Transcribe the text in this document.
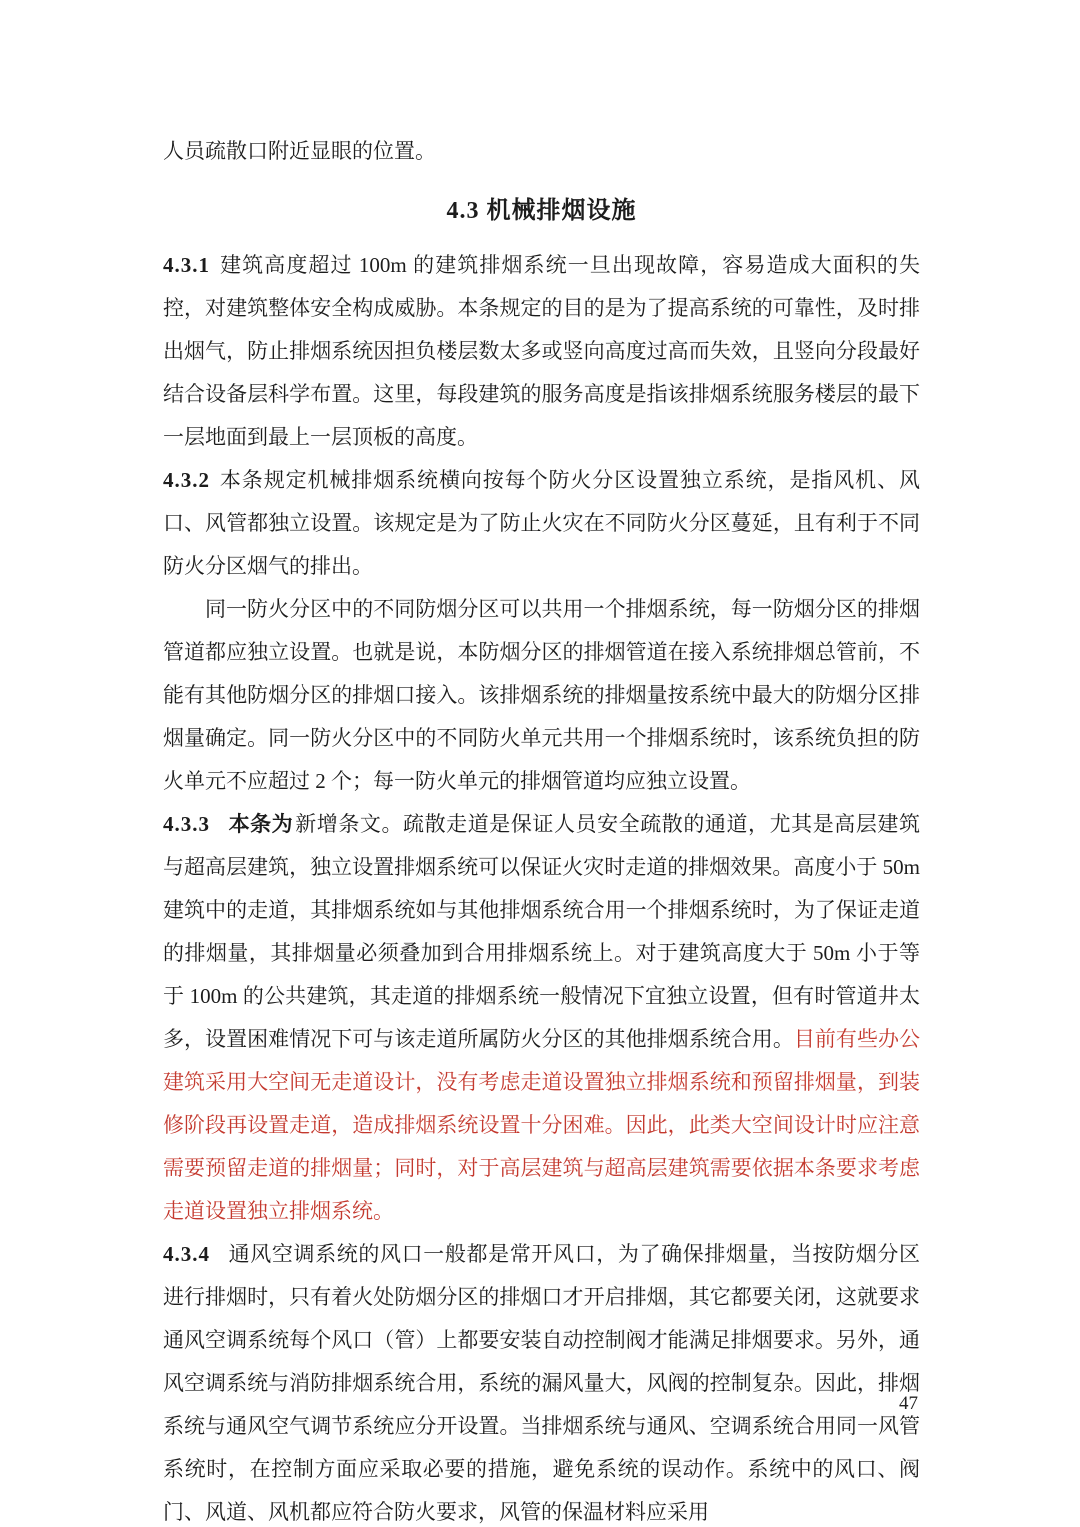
人员疏散口附近显眼的位置。

4.3 机械排烟设施

4.3.1 建筑高度超过 100m 的建筑排烟系统一旦出现故障，容易造成大面积的失控，对建筑整体安全构成威胁。本条规定的目的是为了提高系统的可靠性，及时排出烟气，防止排烟系统因担负楼层数太多或竖向高度过高而失效，且竖向分段最好结合设备层科学布置。这里，每段建筑的服务高度是指该排烟系统服务楼层的最下一层地面到最上一层顶板的高度。

4.3.2 本条规定机械排烟系统横向按每个防火分区设置独立系统，是指风机、风口、风管都独立设置。该规定是为了防止火灾在不同防火分区蔓延，且有利于不同防火分区烟气的排出。

同一防火分区中的不同防烟分区可以共用一个排烟系统，每一防烟分区的排烟管道都应独立设置。也就是说，本防烟分区的排烟管道在接入系统排烟总管前，不能有其他防烟分区的排烟口接入。该排烟系统的排烟量按系统中最大的防烟分区排烟量确定。同一防火分区中的不同防火单元共用一个排烟系统时，该系统负担的防火单元不应超过 2 个；每一防火单元的排烟管道均应独立设置。

4.3.3 本条为新增条文。疏散走道是保证人员安全疏散的通道，尤其是高层建筑与超高层建筑，独立设置排烟系统可以保证火灾时走道的排烟效果。高度小于 50m 建筑中的走道，其排烟系统如与其他排烟系统合用一个排烟系统时，为了保证走道的排烟量，其排烟量必须叠加到合用排烟系统上。对于建筑高度大于 50m 小于等于 100m 的公共建筑，其走道的排烟系统一般情况下宜独立设置，但有时管道井太多，设置困难情况下可与该走道所属防火分区的其他排烟系统合用。目前有些办公建筑采用大空间无走道设计，没有考虑走道设置独立排烟系统和预留排烟量，到装修阶段再设置走道，造成排烟系统设置十分困难。因此，此类大空间设计时应注意需要预留走道的排烟量；同时，对于高层建筑与超高层建筑需要依据本条要求考虑走道设置独立排烟系统。

4.3.4 通风空调系统的风口一般都是常开风口，为了确保排烟量，当按防烟分区进行排烟时，只有着火处防烟分区的排烟口才开启排烟，其它都要关闭，这就要求通风空调系统每个风口（管）上都要安装自动控制阀才能满足排烟要求。另外，通风空调系统与消防排烟系统合用，系统的漏风量大，风阀的控制复杂。因此，排烟系统与通风空气调节系统应分开设置。当排烟系统与通风、空调系统合用同一风管系统时，在控制方面应采取必要的措施，避免系统的误动作。系统中的风口、阀门、风道、风机都应符合防火要求，风管的保温材料应采用

47
